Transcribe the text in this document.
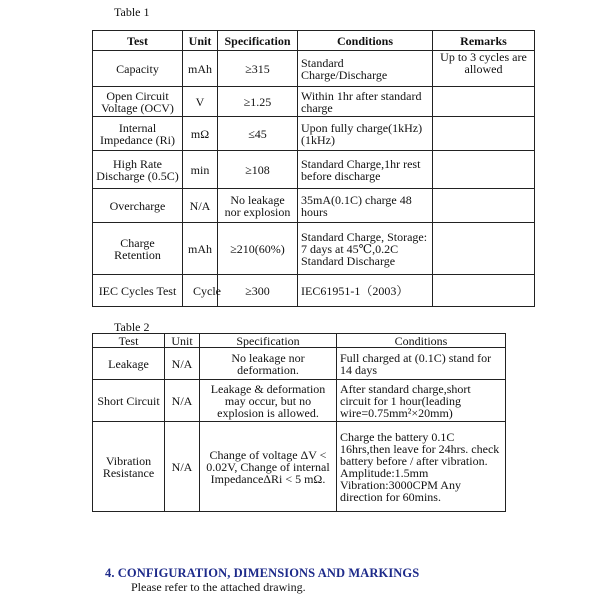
Table 1
Test	Unit	Specification	Conditions	Remarks
Capacity	mAh	≥315	Standard Charge/Discharge	Up to 3 cycles are allowed
Open Circuit Voltage (OCV)	V	≥1.25	Within 1hr after standard charge	
Internal Impedance (Ri)	mΩ	≤45	Upon fully charge(1kHz) (1kHz)	
High Rate Discharge (0.5C)	min	≥108	Standard Charge,1hr rest before discharge	
Overcharge	N/A	No leakage nor explosion	35mA(0.1C) charge 48 hours	
Charge Retention	mAh	≥210(60%)	Standard Charge, Storage: 7 days at 45℃,0.2C Standard Discharge	
IEC Cycles Test	Cycle	≥300	IEC61951-1（2003）	
Table 2
Test	Unit	Specification	Conditions
Leakage	N/A	No leakage nor deformation.	Full charged at (0.1C) stand for 14 days
Short Circuit	N/A	Leakage & deformation may occur, but no explosion is allowed.	After standard charge,short circuit for 1 hour(leading wire=0.75mm²×20mm)
Vibration Resistance	N/A	Change of voltage ΔV < 0.02V, Change of internal ImpedanceΔRi < 5 mΩ.	Charge the battery 0.1C 16hrs,then leave for 24hrs. check battery before / after vibration. Amplitude:1.5mm Vibration:3000CPM Any direction for 60mins.
4. CONFIGURATION, DIMENSIONS AND MARKINGS
Please refer to the attached drawing.
